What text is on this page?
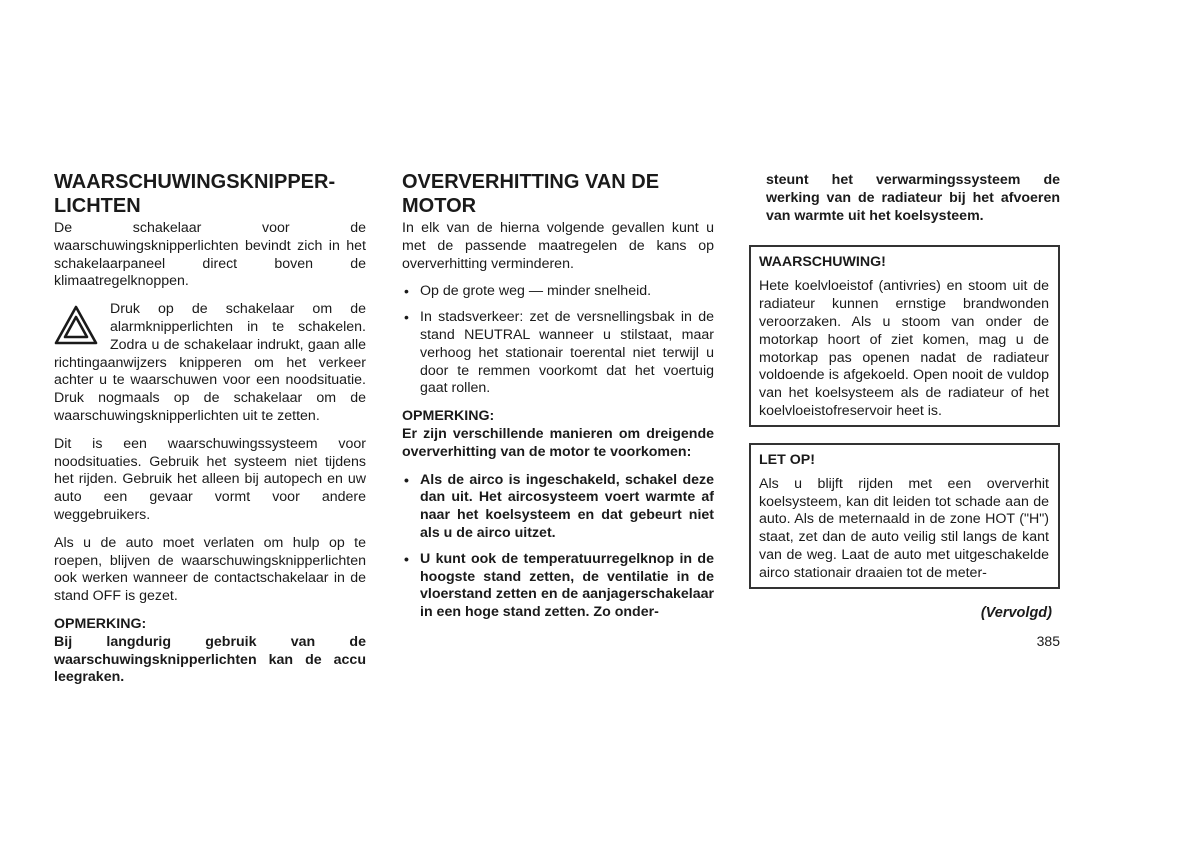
WAARSCHUWINGSKNIPPER-
LICHTEN

De schakelaar voor de waarschuwingsknipperlichten bevindt zich in het schakelaarpaneel direct boven de klimaatregelknoppen.

Druk op de schakelaar om de alarmknipperlichten in te schakelen. Zodra u de schakelaar indrukt, gaan alle richtingaanwijzers knipperen om het verkeer achter u te waarschuwen voor een noodsituatie. Druk nogmaals op de schakelaar om de waarschuwingsknipperlichten uit te zetten.

Dit is een waarschuwingssysteem voor noodsituaties. Gebruik het systeem niet tijdens het rijden. Gebruik het alleen bij autopech en uw auto een gevaar vormt voor andere weggebruikers.

Als u de auto moet verlaten om hulp op te roepen, blijven de waarschuwingsknipperlichten ook werken wanneer de contactschakelaar in de stand OFF is gezet.

OPMERKING:

Bij langdurig gebruik van de waarschuwingsknipperlichten kan de accu leegraken.

OVERVERHITTING VAN DE
MOTOR

In elk van de hierna volgende gevallen kunt u met de passende maatregelen de kans op oververhitting verminderen.

• Op de grote weg — minder snelheid.
• In stadsverkeer: zet de versnellingsbak in de stand NEUTRAL wanneer u stilstaat, maar verhoog het stationair toerental niet terwijl u door te remmen voorkomt dat het voertuig gaat rollen.

OPMERKING:

Er zijn verschillende manieren om dreigende oververhitting van de motor te voorkomen:

• Als de airco is ingeschakeld, schakel deze dan uit. Het aircosysteem voert warmte af naar het koelsysteem en dat gebeurt niet als u de airco uitzet.
• U kunt ook de temperatuurregelknop in de hoogste stand zetten, de ventilatie in de vloerstand zetten en de aanjagerschakelaar in een hoge stand zetten. Zo onder-

steunt het verwarmingssysteem de werking van de radiateur bij het afvoeren van warmte uit het koelsysteem.

WAARSCHUWING!

Hete koelvloeistof (antivries) en stoom uit de radiateur kunnen ernstige brandwonden veroorzaken. Als u stoom van onder de motorkap hoort of ziet komen, mag u de motorkap pas openen nadat de radiateur voldoende is afgekoeld. Open nooit de vuldop van het koelsysteem als de radiateur of het koelvloeistofreservoir heet is.

LET OP!

Als u blijft rijden met een oververhit koelsysteem, kan dit leiden tot schade aan de auto. Als de meternaald in de zone HOT ("H") staat, zet dan de auto veilig stil langs de kant van de weg. Laat de auto met uitgeschakelde airco stationair draaien tot de meter-

(Vervolgd)
385
